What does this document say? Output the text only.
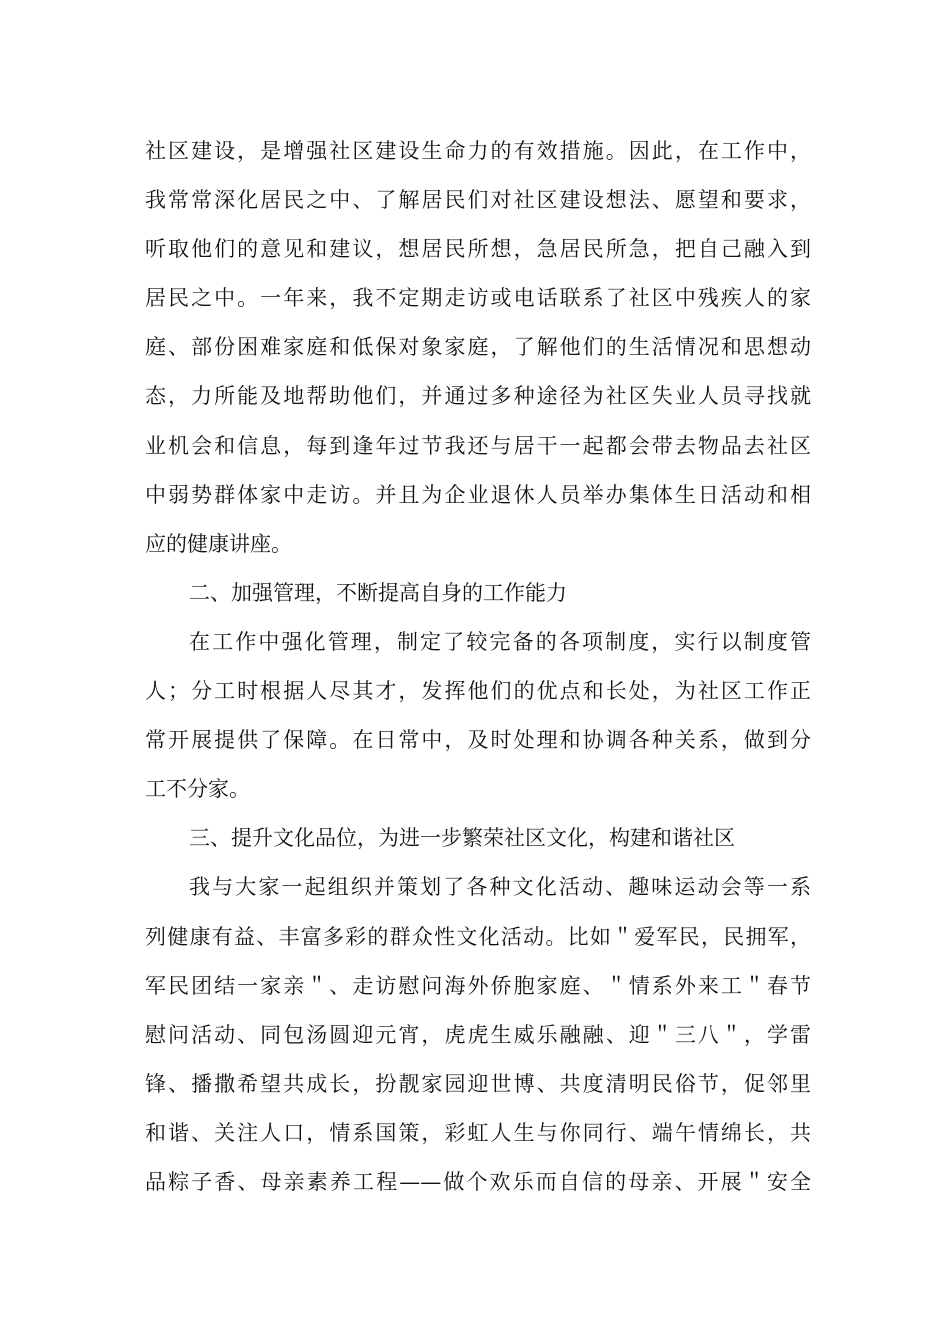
社区建设，是增强社区建设生命力的有效措施。因此，在工作中，
我常常深化居民之中、了解居民们对社区建设想法、愿望和要求，
听取他们的意见和建议，想居民所想，急居民所急，把自己融入到
居民之中。一年来，我不定期走访或电话联系了社区中残疾人的家
庭、部份困难家庭和低保对象家庭，了解他们的生活情况和思想动
态，力所能及地帮助他们，并通过多种途径为社区失业人员寻找就
业机会和信息，每到逢年过节我还与居干一起都会带去物品去社区
中弱势群体家中走访。并且为企业退休人员举办集体生日活动和相
应的健康讲座。
二、加强管理，不断提高自身的工作能力
在工作中强化管理，制定了较完备的各项制度，实行以制度管
人；分工时根据人尽其才，发挥他们的优点和长处，为社区工作正
常开展提供了保障。在日常中，及时处理和协调各种关系，做到分
工不分家。
三、提升文化品位，为进一步繁荣社区文化，构建和谐社区
我与大家一起组织并策划了各种文化活动、趣味运动会等一系
列健康有益、丰富多彩的群众性文化活动。比如＂爱军民，民拥军，
军民团结一家亲＂、走访慰问海外侨胞家庭、＂情系外来工＂春节
慰问活动、同包汤圆迎元宵，虎虎生威乐融融、迎＂三八＂，学雷
锋、播撒希望共成长，扮靓家园迎世博、共度清明民俗节，促邻里
和谐、关注人口，情系国策，彩虹人生与你同行、端午情绵长，共
品粽子香、母亲素养工程——做个欢乐而自信的母亲、开展＂安全
